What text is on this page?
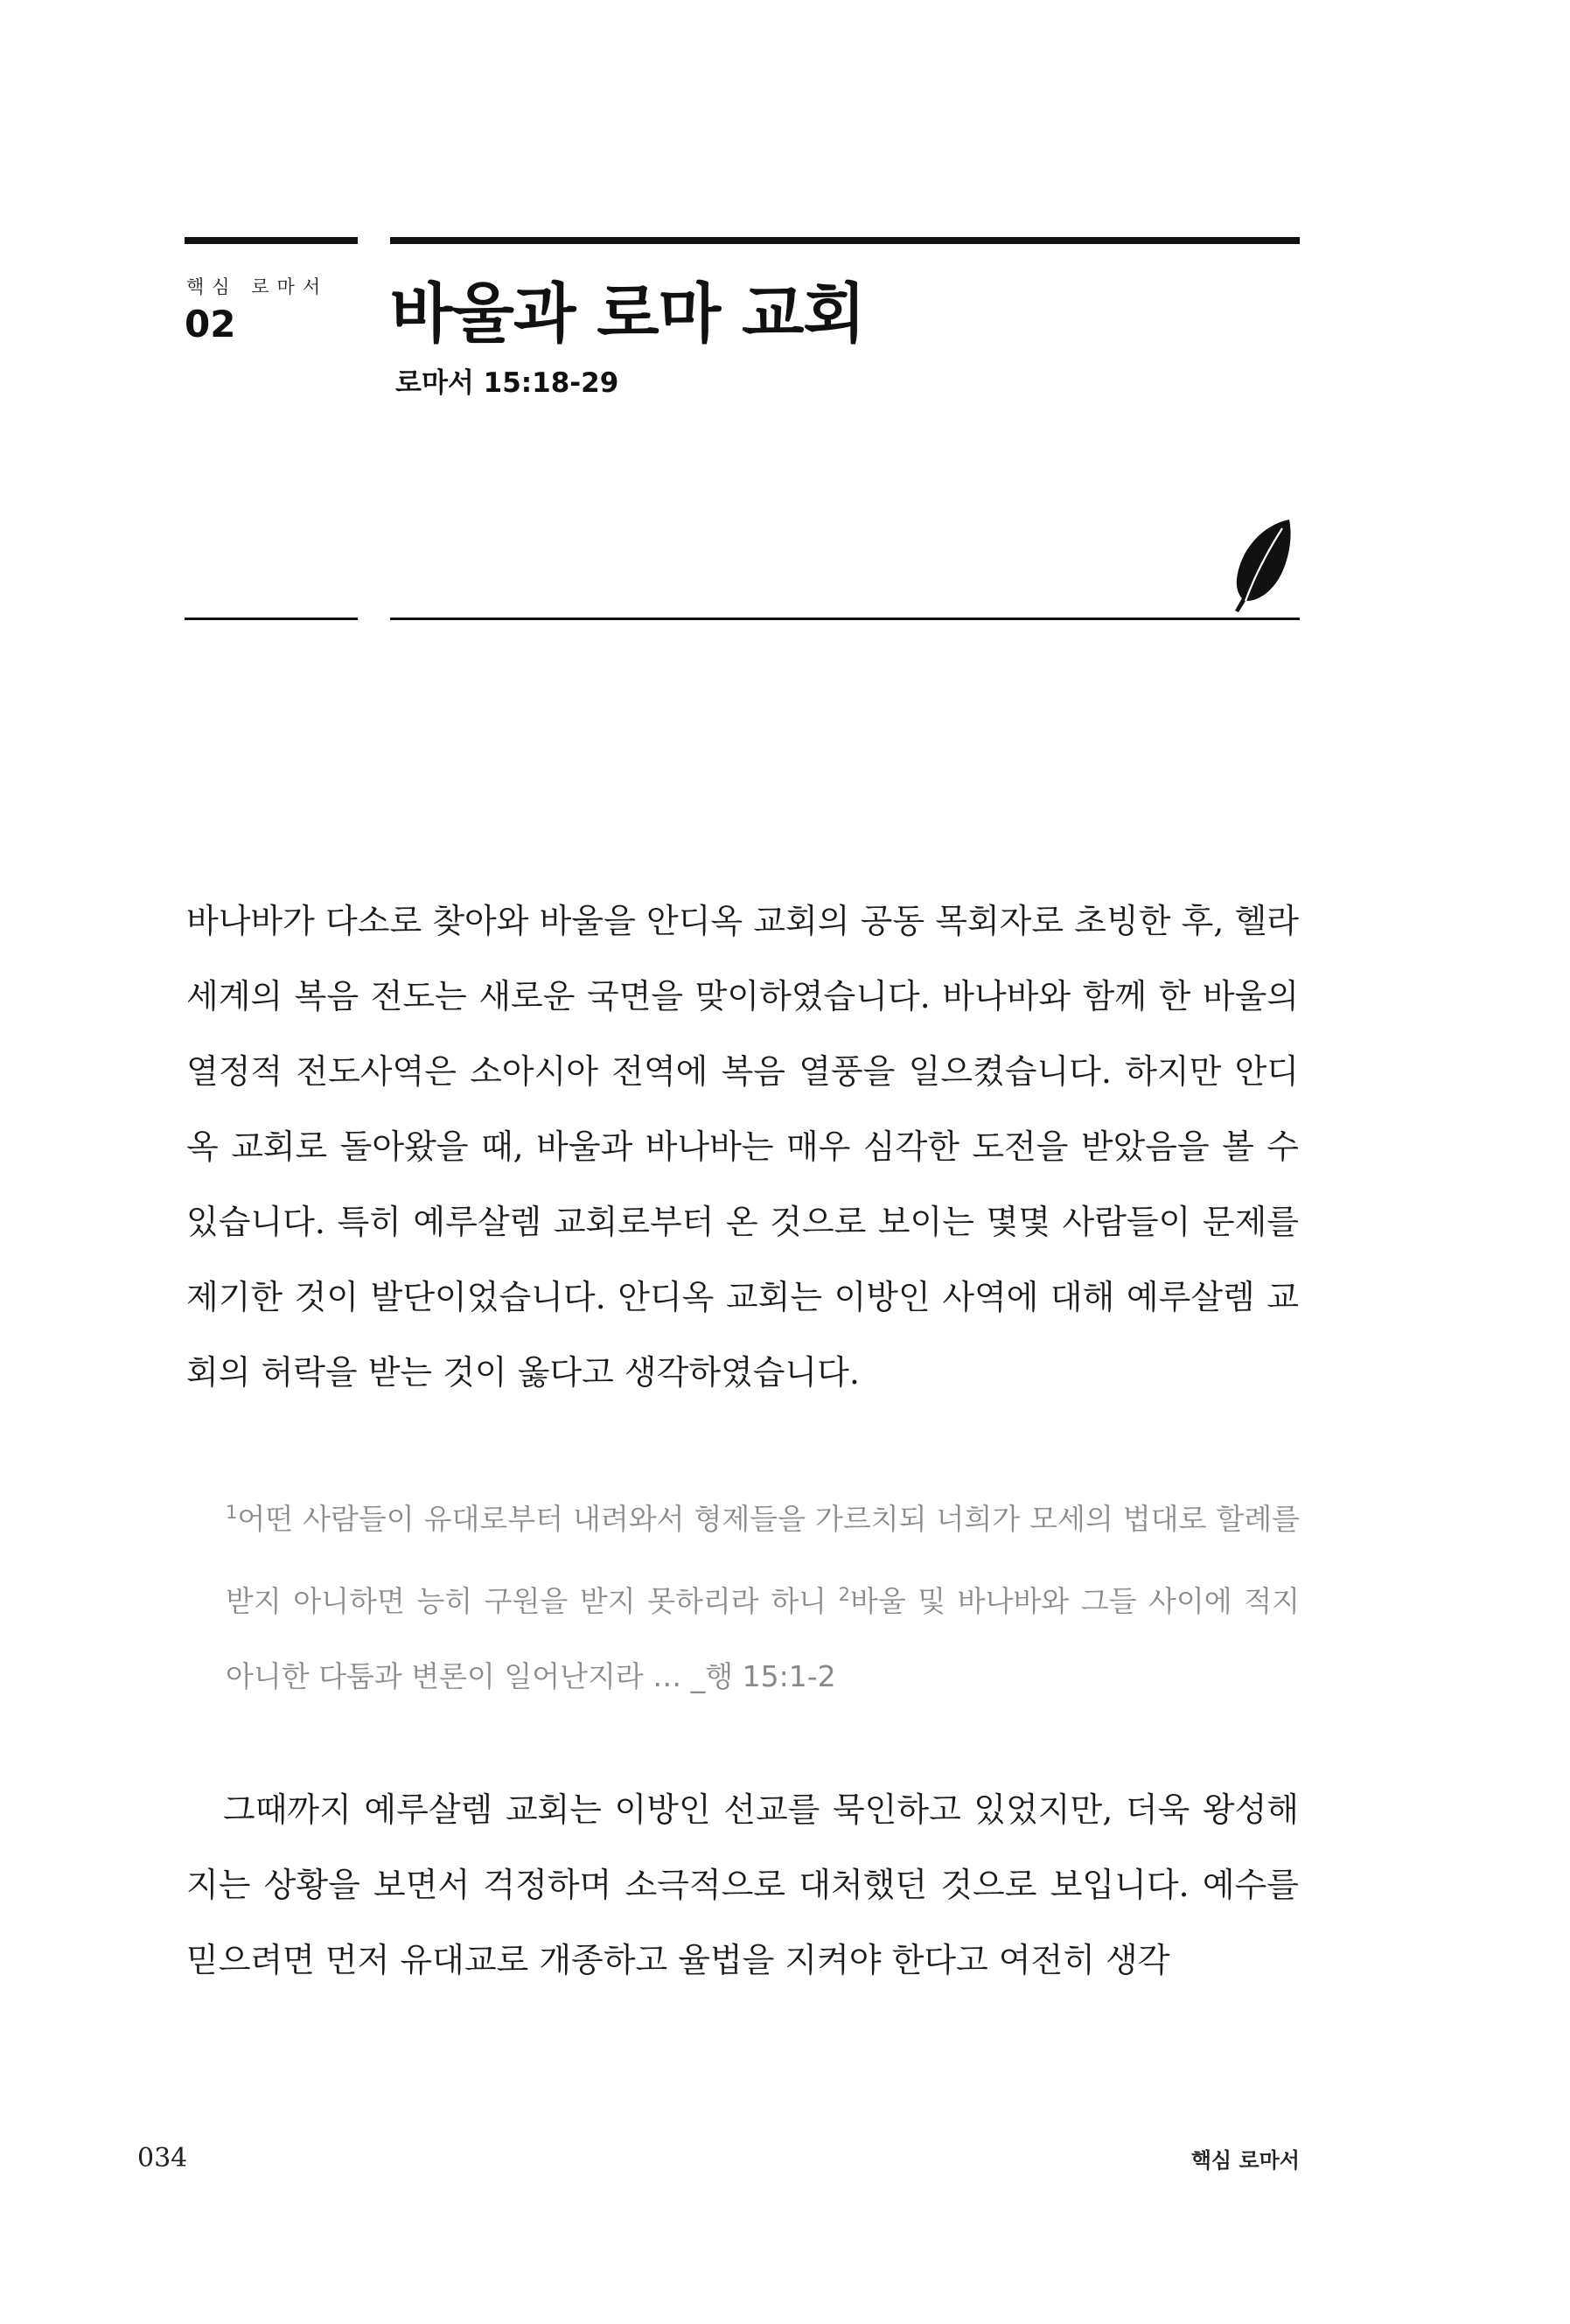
핵심 로마서
02 바울과 로마 교회
로마서 15:18-29

바나바가 다소로 찾아와 바울을 안디옥 교회의 공동 목회자로 초빙한 후, 헬라 세계의 복음 전도는 새로운 국면을 맞이하였습니다. 바나바와 함께 한 바울의 열정적 전도사역은 소아시아 전역에 복음 열풍을 일으켰습니다. 하지만 안디옥 교회로 돌아왔을 때, 바울과 바나바는 매우 심각한 도전을 받았음을 볼 수 있습니다. 특히 예루살렘 교회로부터 온 것으로 보이는 몇몇 사람들이 문제를 제기한 것이 발단이었습니다. 안디옥 교회는 이방인 사역에 대해 예루살렘 교회의 허락을 받는 것이 옳다고 생각하였습니다.

$^1$어떤 사람들이 유대로부터 내려와서 형제들을 가르치되 너희가 모세의 법대로 할례를 받지 아니하면 능히 구원을 받지 못하리라 하니 $^2$바울 및 바나바와 그들 사이에 적지 아니한 다툼과 변론이 일어난지라 … _행 15:1-2

그때까지 예루살렘 교회는 이방인 선교를 묵인하고 있었지만, 더욱 왕성해지는 상황을 보면서 걱정하며 소극적으로 대처했던 것으로 보입니다. 예수를 믿으려면 먼저 유대교로 개종하고 율법을 지켜야 한다고 여전히 생각

034	핵심 로마서
